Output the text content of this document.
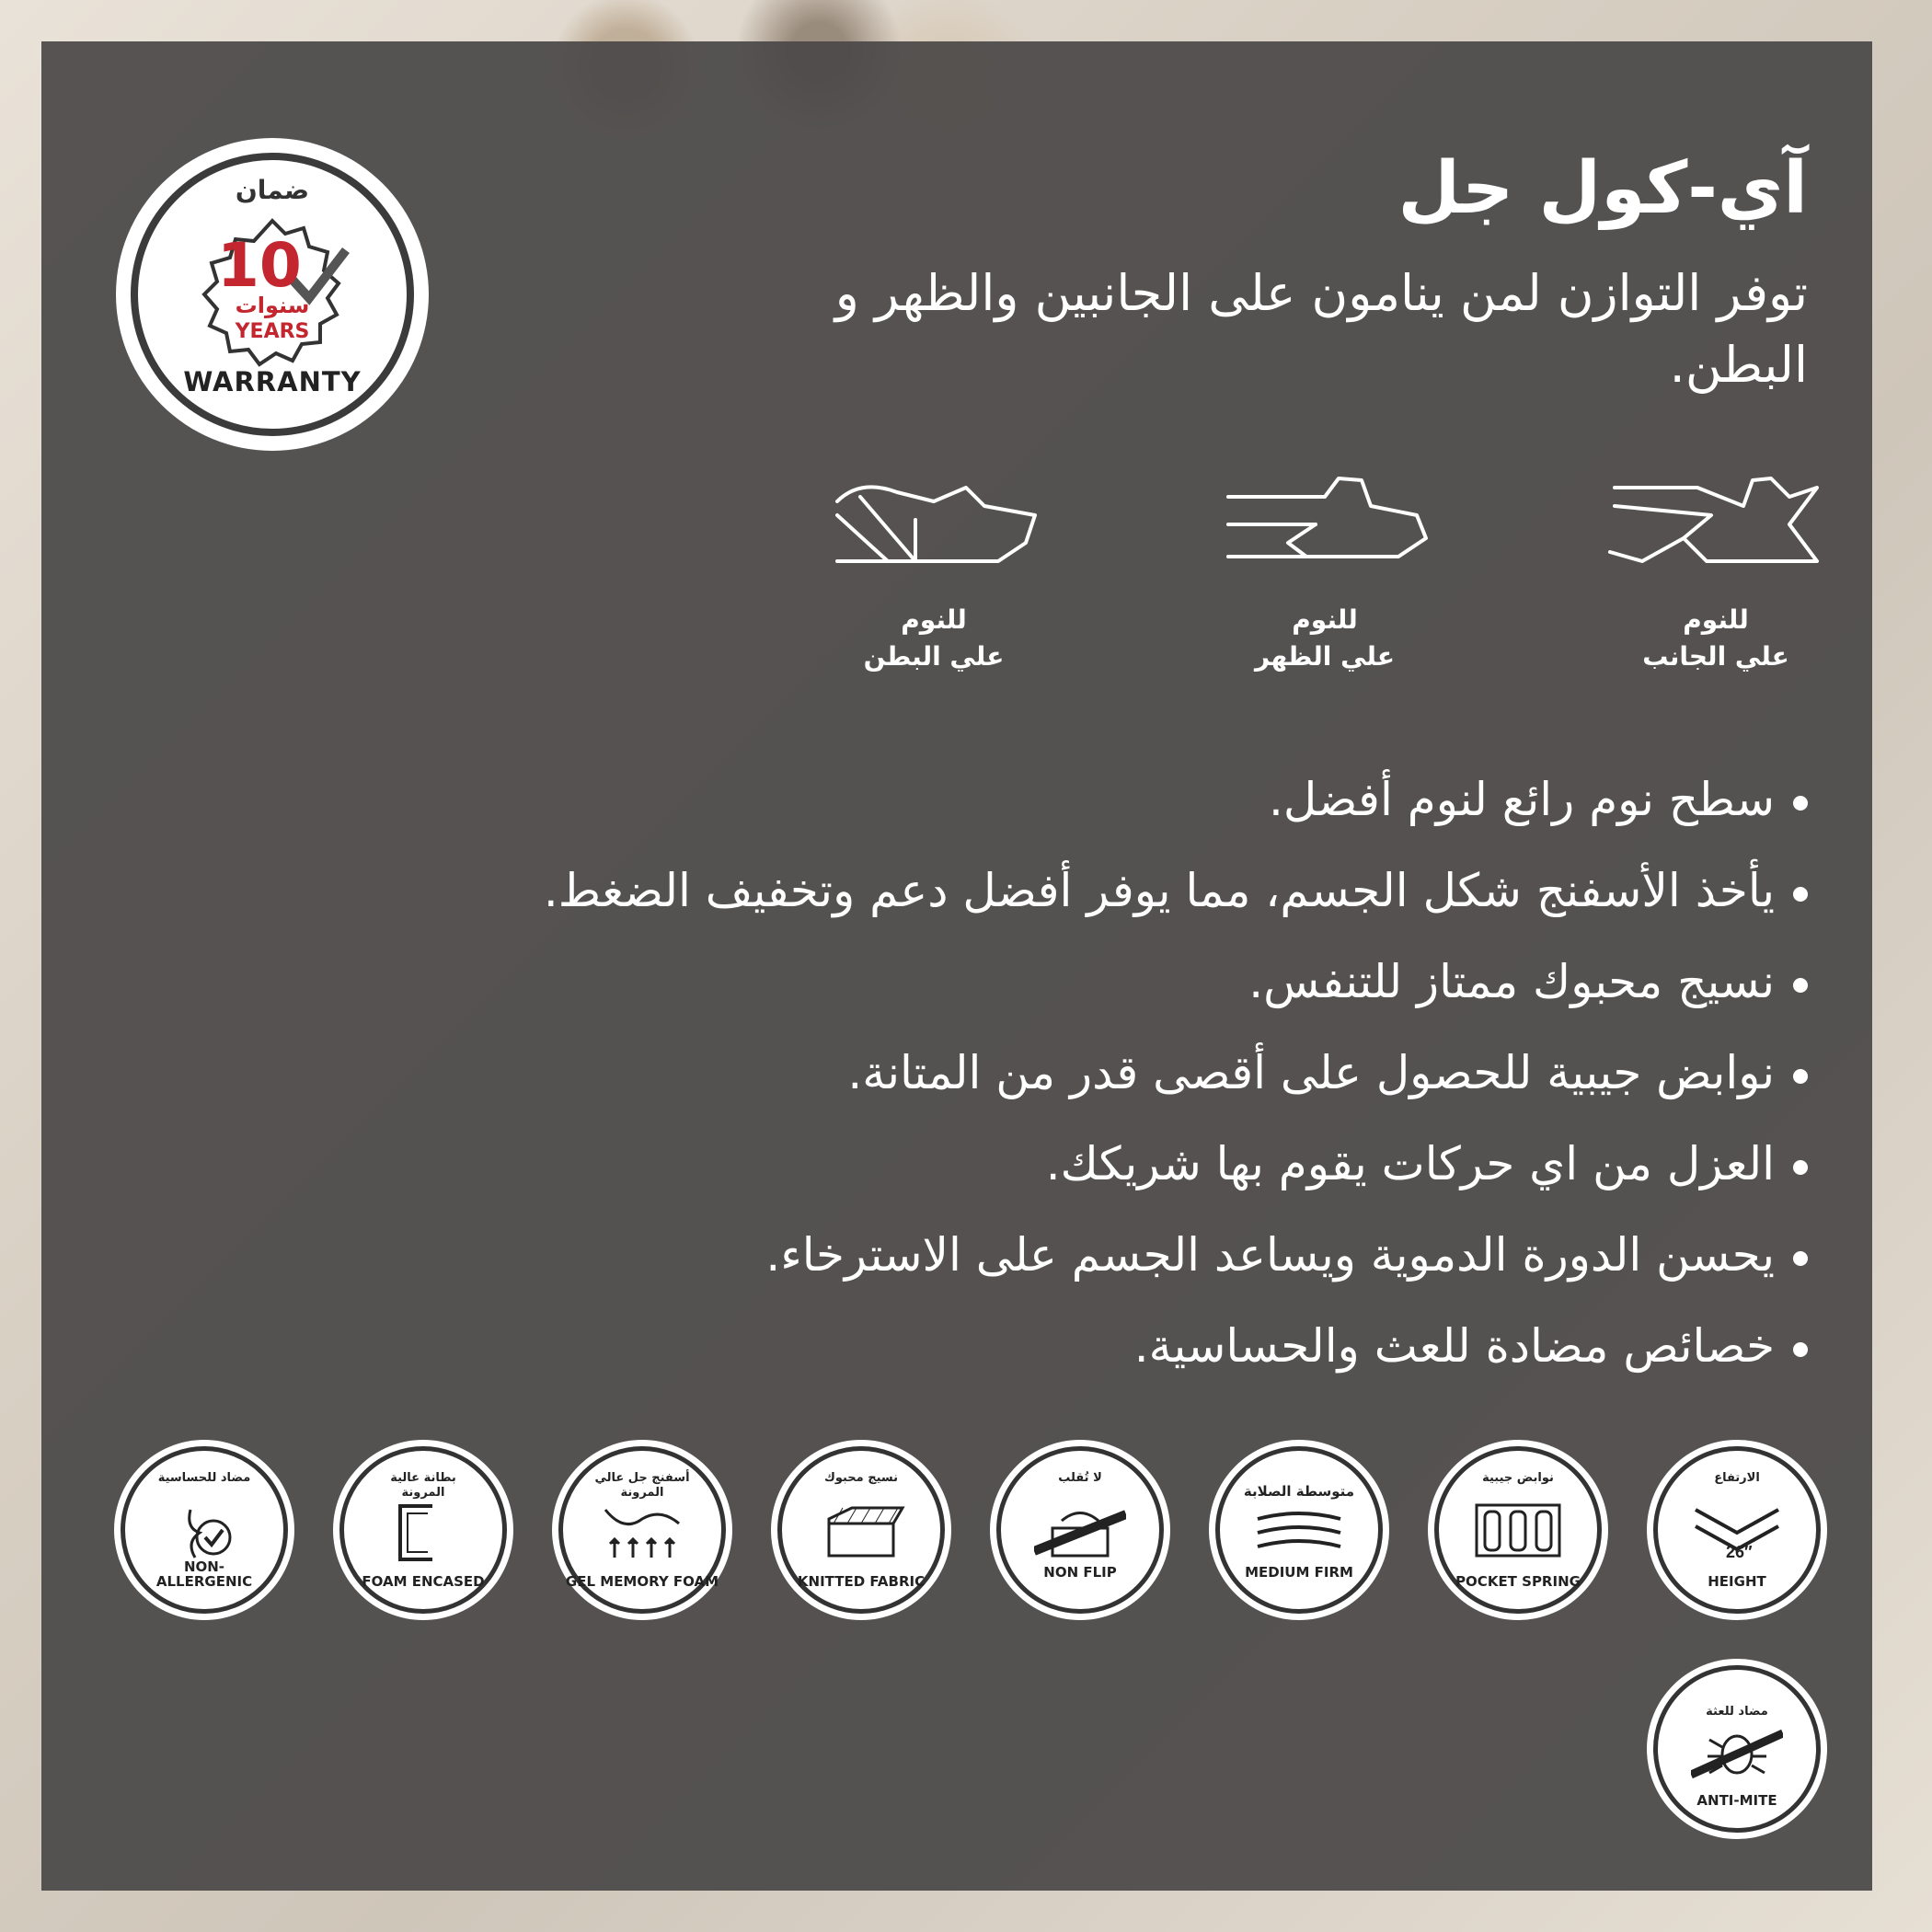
ضمان
10
سنوات
YEARS
WARRANTY
آي-كول جل
توفر التوازن لمن ينامون على الجانبين والظهر و البطن.
للنوم
علي الجانب
للنوم
علي الظهر
للنوم
علي البطن
سطح نوم رائع لنوم أفضل.
يأخذ الأسفنج شكل الجسم، مما يوفر أفضل دعم وتخفيف الضغط.
نسيج محبوك ممتاز للتنفس.
نوابض جيبية للحصول على أقصى قدر من المتانة.
العزل من اي حركات يقوم بها شريكك.
يحسن الدورة الدموية ويساعد الجسم على الاسترخاء.
خصائص مضادة للعث والحساسية.
الارتفاع
26″
HEIGHT
نوابض جيبية
POCKET SPRING
متوسطة الصلابة
MEDIUM FIRM
لا تُقلب
NON FLIP
نسيج محبوك
KNITTED FABRIC
أسفنج جل عالي المرونة
GEL MEMORY FOAM
بطانة عالية المرونة
FOAM ENCASED
مضاد للحساسية
NON-ALLERGENIC
مضاد للعثة
ANTI-MITE
